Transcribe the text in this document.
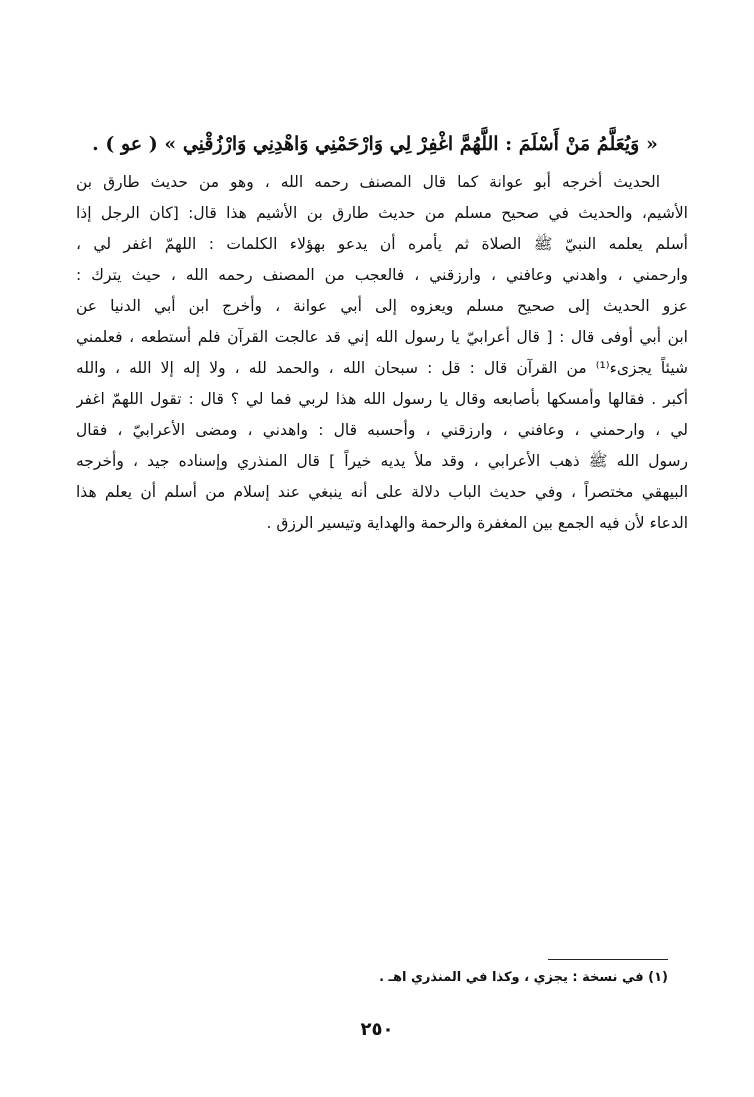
« وَيُعَلَّمُ مَنْ أَسْلَمَ : اللَّهُمَّ اغْفِرْ لِي وَارْحَمْنِي وَاهْدِنِي وَارْزُقْنِي » ( عو ) .
الحديث أخرجه أبو عوانة كما قال المصنف رحمه الله ، وهو من حديث طارق بن
الأشيم، والحديث في صحيح مسلم من حديث طارق بن الأشيم هذا قال: [كان الرجل إذا
أسلم يعلمه النبيّ ﷺ الصلاة ثم يأمره أن يدعو بهؤلاء الكلمات : اللهمّ اغفر لي ،
وارحمني ، واهدني وعافني ، وارزقني ، فالعجب من المصنف رحمه الله ، حيث يترك :
عزو الحديث إلى صحيح مسلم ويعزوه إلى أبي عوانة ، وأخرج ابن أبي الدنيا عن
ابن أبي أوفى قال : [ قال أعرابيّ يا رسول الله إني قد عالجت القرآن فلم أستطعه ، فعلمني
شيئاً يجزىء⁽¹⁾ من القرآن قال : قل : سبحان الله ، والحمد لله ، ولا إله إلا الله ، والله
أكبر . فقالها وأمسكها بأصابعه وقال يا رسول الله هذا لربي فما لي ؟ قال : تقول اللهمّ اغفر
لي ، وارحمني ، وعافني ، وارزقني ، وأحسبه قال : واهدني ، ومضى الأعرابيّ ، فقال
رسول الله ﷺ ذهب الأعرابي ، وقد ملأ يديه خيراً ] قال المنذري وإسناده جيد ، وأخرجه
البيهقي مختصراً ، وفي حديث الباب دلالة على أنه ينبغي عند إسلام من أسلم أن يعلم هذا
الدعاء لأن فيه الجمع بين المغفرة والرحمة والهداية وتيسير الرزق .
(١) في نسخة : يجزي ، وكذا في المنذري اهـ .
٢٥٠
